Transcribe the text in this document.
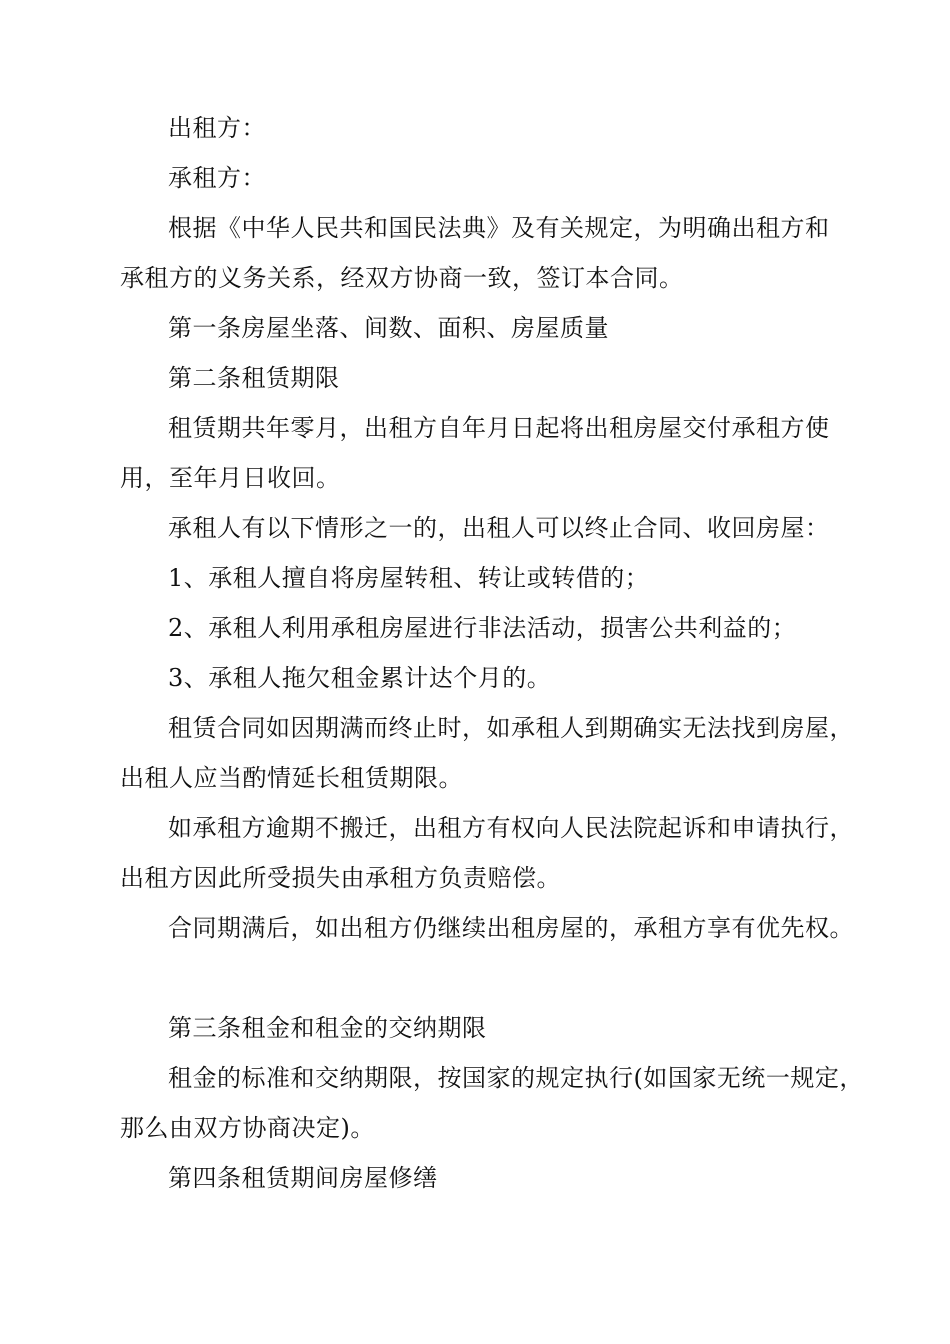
出租方：
承租方：
根据《中华人民共和国民法典》及有关规定，为明确出租方和
承租方的义务关系，经双方协商一致，签订本合同。
第一条房屋坐落、间数、面积、房屋质量
第二条租赁期限
租赁期共年零月，出租方自年月日起将出租房屋交付承租方使
用，至年月日收回。
承租人有以下情形之一的，出租人可以终止合同、收回房屋：
1、承租人擅自将房屋转租、转让或转借的；
2、承租人利用承租房屋进行非法活动，损害公共利益的；
3、承租人拖欠租金累计达个月的。
租赁合同如因期满而终止时，如承租人到期确实无法找到房屋，
出租人应当酌情延长租赁期限。
如承租方逾期不搬迁，出租方有权向人民法院起诉和申请执行，
出租方因此所受损失由承租方负责赔偿。
合同期满后，如出租方仍继续出租房屋的，承租方享有优先权。
第三条租金和租金的交纳期限
租金的标准和交纳期限，按国家的规定执行(如国家无统一规定，
那么由双方协商决定)。
第四条租赁期间房屋修缮
